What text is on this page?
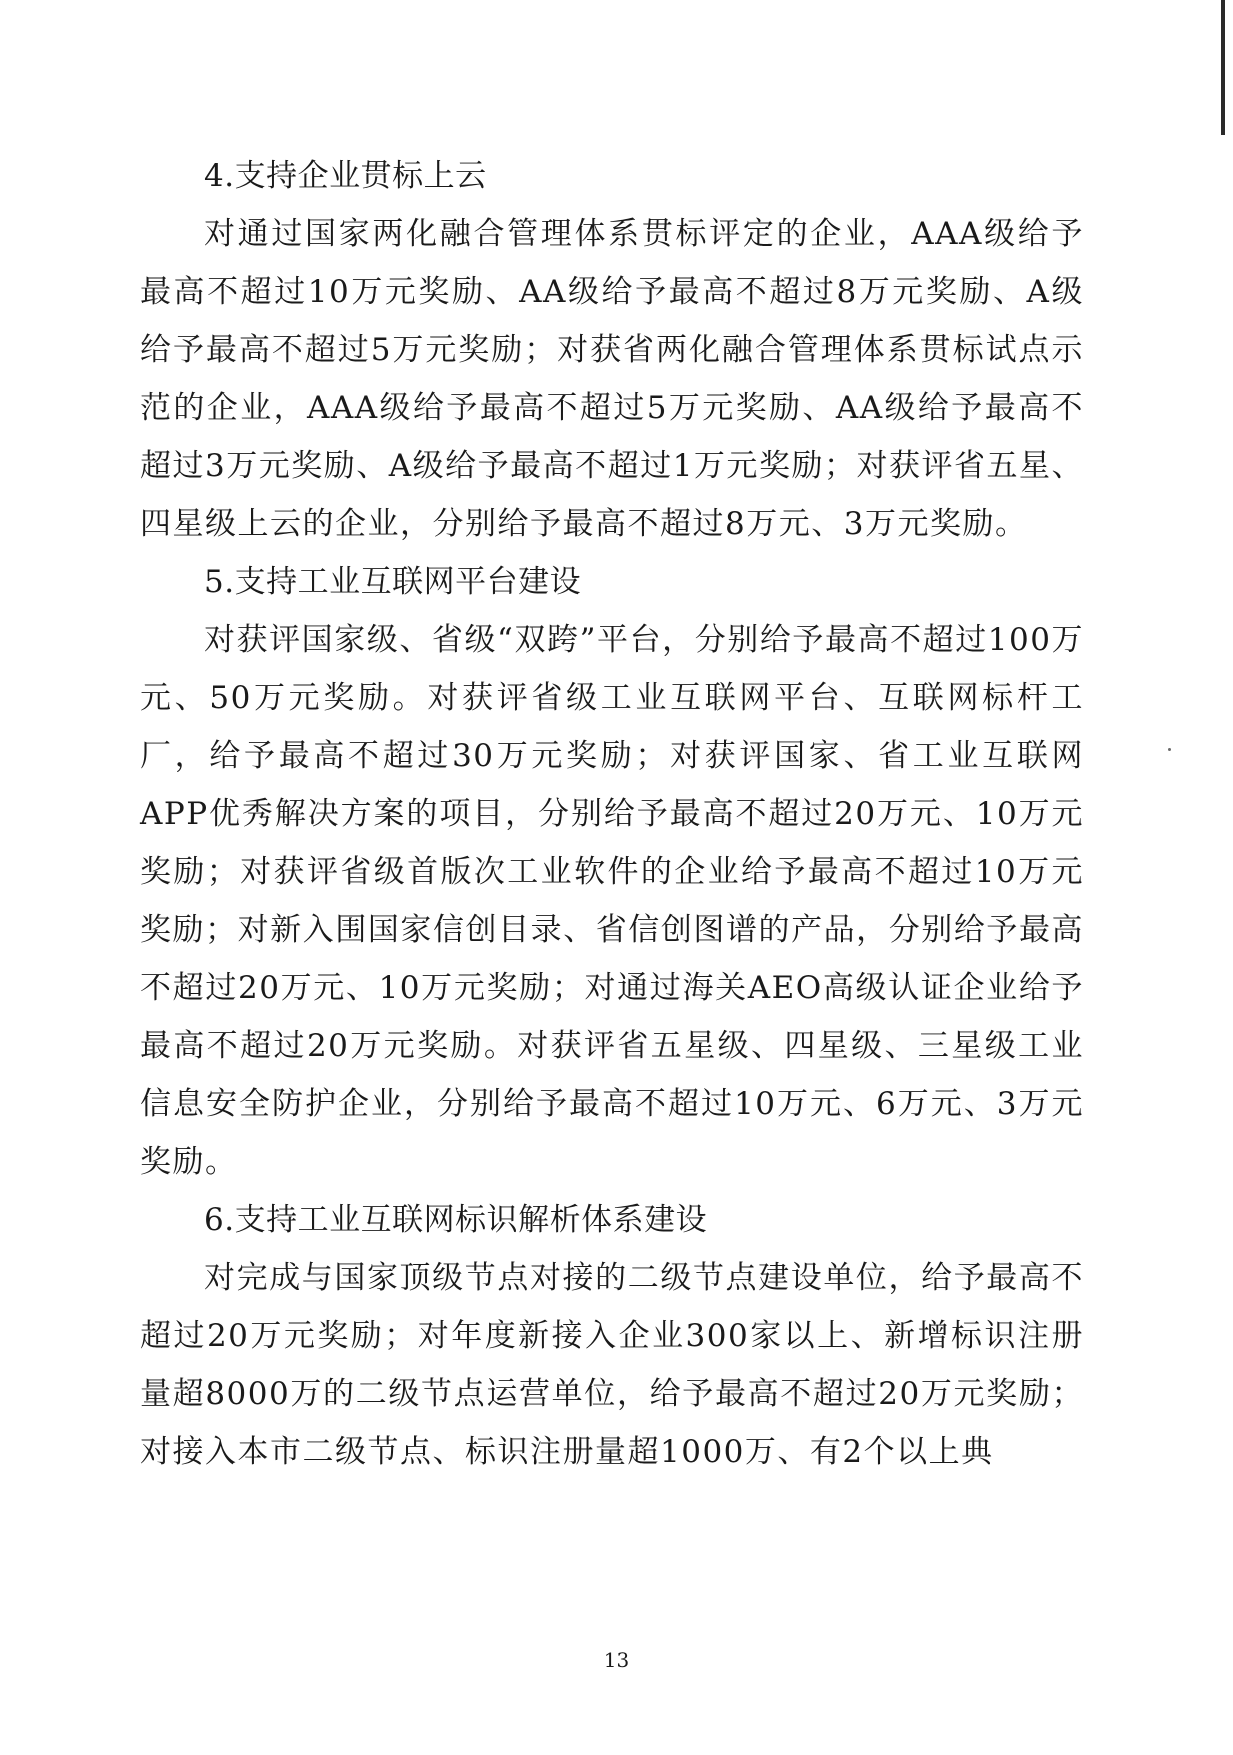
4.支持企业贯标上云

对通过国家两化融合管理体系贯标评定的企业，AAA级给予最高不超过10万元奖励、AA级给予最高不超过8万元奖励、A级给予最高不超过5万元奖励；对获省两化融合管理体系贯标试点示范的企业，AAA级给予最高不超过5万元奖励、AA级给予最高不超过3万元奖励、A级给予最高不超过1万元奖励；对获评省五星、四星级上云的企业，分别给予最高不超过8万元、3万元奖励。

5.支持工业互联网平台建设

对获评国家级、省级“双跨”平台，分别给予最高不超过100万元、50万元奖励。对获评省级工业互联网平台、互联网标杆工厂，给予最高不超过30万元奖励；对获评国家、省工业互联网APP优秀解决方案的项目，分别给予最高不超过20万元、10万元奖励；对获评省级首版次工业软件的企业给予最高不超过10万元奖励；对新入围国家信创目录、省信创图谱的产品，分别给予最高不超过20万元、10万元奖励；对通过海关AEO高级认证企业给予最高不超过20万元奖励。对获评省五星级、四星级、三星级工业信息安全防护企业，分别给予最高不超过10万元、6万元、3万元奖励。

6.支持工业互联网标识解析体系建设

对完成与国家顶级节点对接的二级节点建设单位，给予最高不超过20万元奖励；对年度新接入企业300家以上、新增标识注册量超8000万的二级节点运营单位，给予最高不超过20万元奖励；对接入本市二级节点、标识注册量超1000万、有2个以上典

13
